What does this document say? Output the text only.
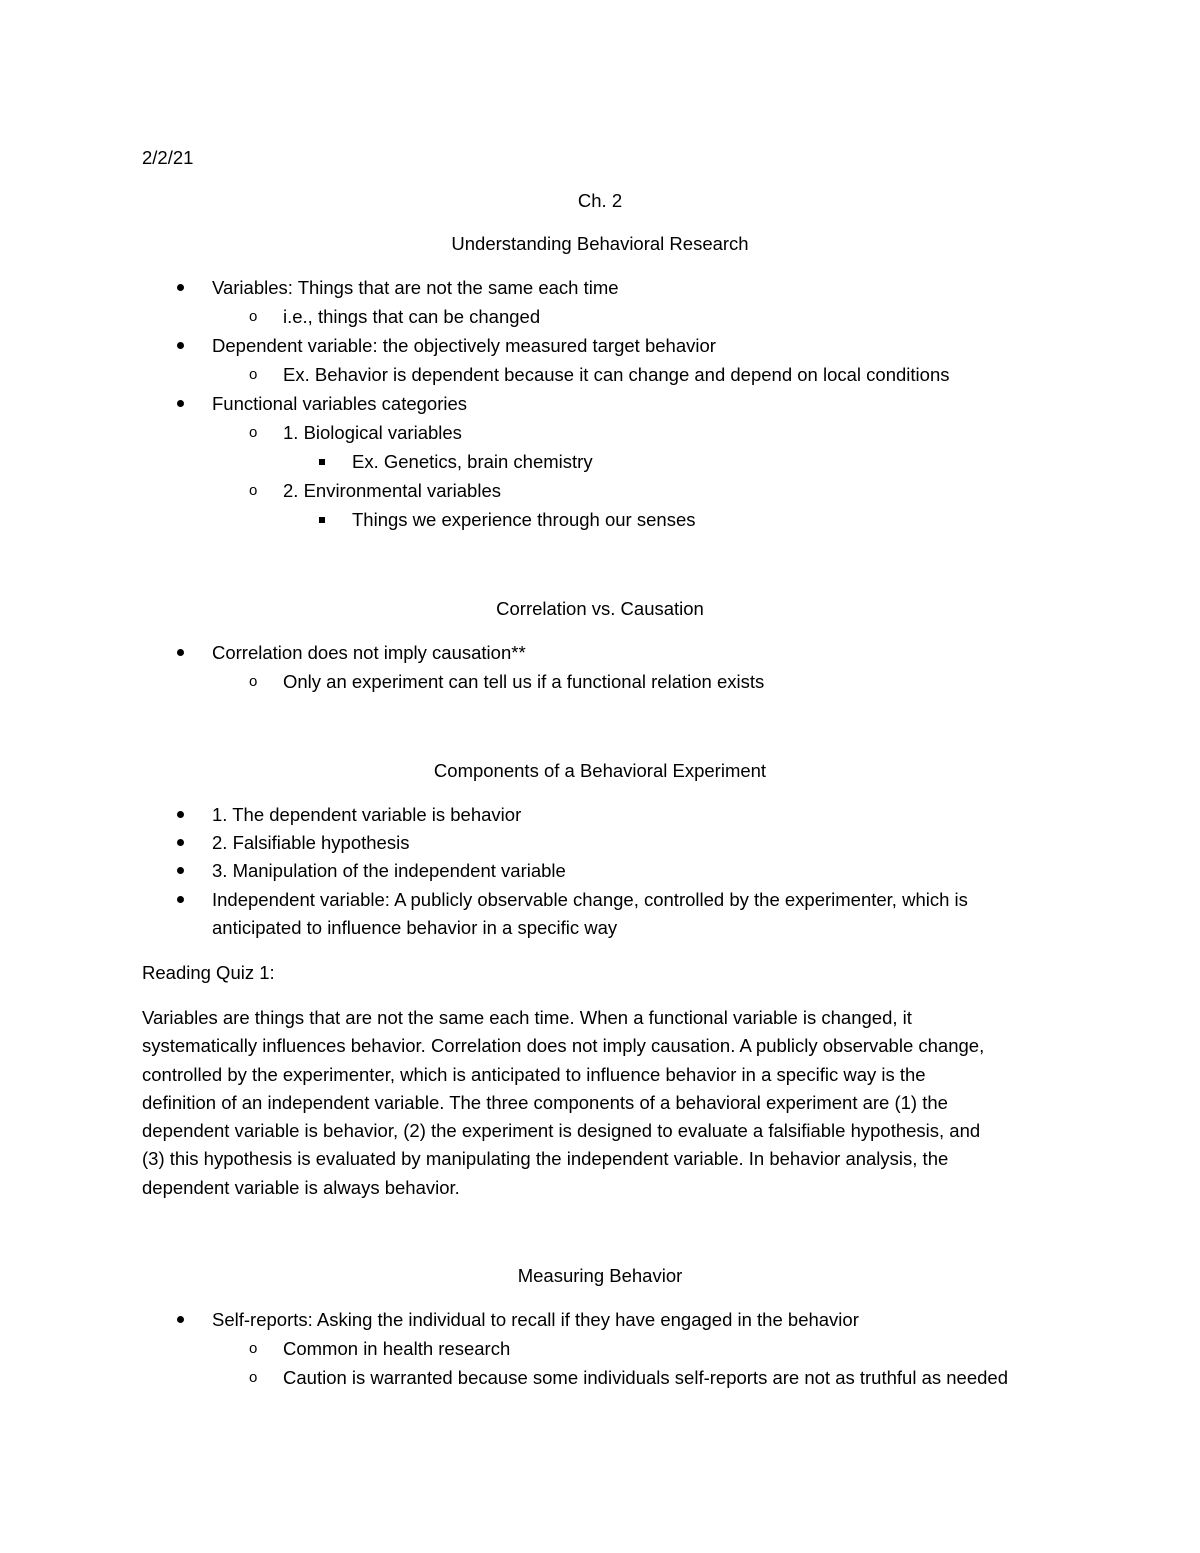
2/2/21

Ch. 2

Understanding Behavioral Research

Variables: Things that are not the same each time

o i.e., things that can be changed

Dependent variable: the objectively measured target behavior

o Ex. Behavior is dependent because it can change and depend on local conditions

Functional variables categories

o 1. Biological variables

Ex. Genetics, brain chemistry

o 2. Environmental variables

Things we experience through our senses

Correlation vs. Causation

Correlation does not imply causation**

o Only an experiment can tell us if a functional relation exists

Components of a Behavioral Experiment

1. The dependent variable is behavior

2. Falsifiable hypothesis

3. Manipulation of the independent variable

Independent variable: A publicly observable change, controlled by the experimenter, which is

anticipated to influence behavior in a specific way

Reading Quiz 1:

Variables are things that are not the same each time. When a functional variable is changed, it

systematically influences behavior. Correlation does not imply causation. A publicly observable change,

controlled by the experimenter, which is anticipated to influence behavior in a specific way is the

definition of an independent variable. The three components of a behavioral experiment are (1) the

dependent variable is behavior, (2) the experiment is designed to evaluate a falsifiable hypothesis, and

(3) this hypothesis is evaluated by manipulating the independent variable. In behavior analysis, the

dependent variable is always behavior.

Measuring Behavior

Self-reports: Asking the individual to recall if they have engaged in the behavior

o Common in health research

o Caution is warranted because some individuals self-reports are not as truthful as needed
